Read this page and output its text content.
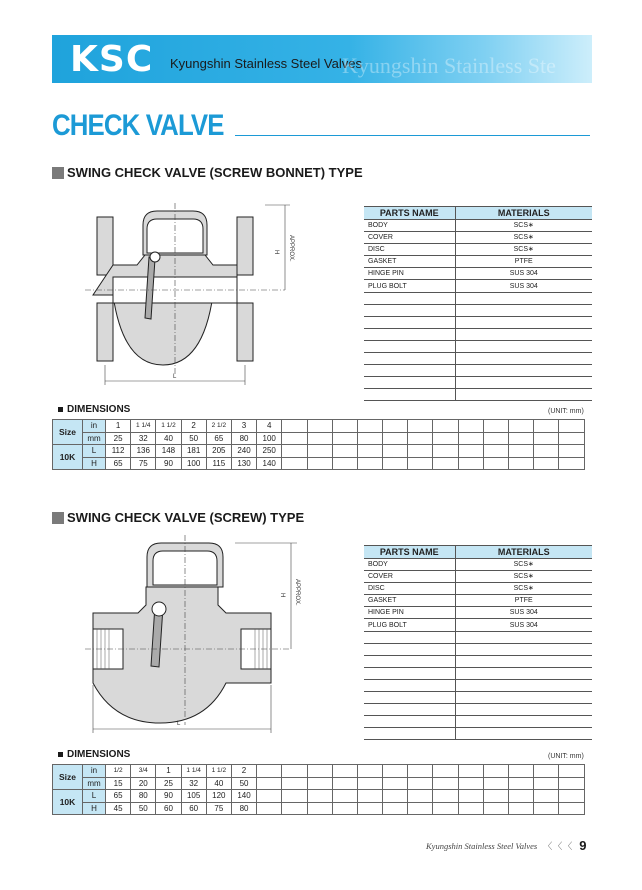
KSC Kyungshin Stainless Steel Valves
Kyungshin Stainless Ste
CHECK VALVE
SWING CHECK VALVE (SCREW BONNET) TYPE
L
H APPROX.
PARTS NAME	MATERIALS
BODY	SCS∗
COVER	SCS∗
DISC	SCS∗
GASKET	PTFE
HINGE PIN	SUS 304
PLUG BOLT	SUS 304

DIMENSIONS	(UNIT: mm)
Size	in	1	1 1/4	1 1/2	2	2 1/2	3	4												
	mm	25	32	40	50	65	80	100												
10K	L	112	136	148	181	205	240	250												
	H	65	75	90	100	115	130	140												
SWING CHECK VALVE (SCREW) TYPE
L
H APPROX.
PARTS NAME	MATERIALS
BODY	SCS∗
COVER	SCS∗
DISC	SCS∗
GASKET	PTFE
HINGE PIN	SUS 304
PLUG BOLT	SUS 304

DIMENSIONS	(UNIT: mm)
Size	in	1/2	3/4	1	1 1/4	1 1/2	2													
	mm	15	20	25	32	40	50													
10K	L	65	80	90	105	120	140													
	H	45	50	60	60	75	80													
Kyungshin Stainless Steel Valves 〈〈〈 9
